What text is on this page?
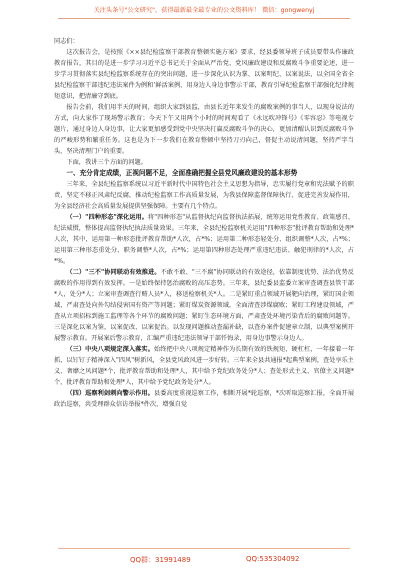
关注头条号"公文研究"，获得最新最全最专业的公文资料库！ 微信：gongwenyj

同志们：

这次报告会，是按照《××县纪检监察干部教育整顿实施方案》要求，经县委领导班子成员要带头作廉政教育报告，其目的是进一步学习习近平总书记关于全面从严治党、党风廉政建设和反腐败斗争重要论述，进一步学习贯彻落实县纪检监察系统存在的突出问题，进一步深化认识为掌、以案明纪、以案说法，以全国全省全县纪检监察干部违纪违法案件为例和‘鲜活案例，用身边人身边事警示干部，教育引导纪检监察干部强化纪律规矩意识，把清廉守到底。

报告会前，我们用半天的时间，组织大家到县监，由县长近年来发生的腐败案例的事当人，以现身说法的方式，向大家作了现场警示教育；今天下午又用两个小时的时间观看了《永远吹冲锋号》《零容忍》等电视专题片，通过身边人身边事，让大家更加感受到党中央坚决打赢反腐败斗争的决心，更加清醒认识到反腐败斗争的严峻形势和繁重任务。这也是为下一步我们在教育整顿中坚持刀刃向己，督促主动说清问题，坚持严字当头，坚决清理门户的重要。

下面，我讲三个方面的问题。

一、充分肯定成绩，正视问题不足，全面准确把握全县党风廉政建设的基本形势

三年来，全县纪检监察系统以习近平新时代中国特色社会主义思想为指导，忠实履行党章和宪法赋予的职责，坚定不移正风肃纪反腐，推动纪检监察工作高质量发展，为我县保障监督保障执行、促进完善发展作用，为全县经济社会高质量发展提供坚强保障。主要有几个特点。

（一）"四种形态"深化运用。将"四种形态"从监督执纪向监督执法拓展，统筹运用党性教育、政策感召、纪法威慑，整体提高监督执纪执法质量效果。三年来，全县纪检监察机关运用"四种形态"批评教育帮助和处理*人次，其中，运用第一种形态批评教育帮助*人次，占*%；运用第二种形态轻处分、组织调整*人次，占*%；运用第三种形态重处分、职务调整*人次，占*%；运用第四种形态处理严重违纪违法、触犯刑律的*人次，占*%。

（二）"三不"协同联动有效推进。不敢不敢、"三不腐"协同联动的有效途径，依靠制度优势、法治优势反腐败的作用得到有效发挥。一是始终保持惩治腐败的高压态势。三年来，县纪委县监委立案审查调查县管干部*人，处分*人；立案审查调查行贿人员*人，移送检察机关*人。二是紧盯重点领域开展靶向治理，紧盯国企领域，严肃查处向外勾结侵害国有资产等问题；紧盯煤炭资源领域，全面清查涉煤腐败；紧盯工程建设领域，严查从立项招标到施工监理等各个环节的腐败问题；紧盯生态环境方面，严肃查处环境污染背后的腐败问题等。三是深化以案为鉴，以案促改、以案促治。以发现问题推动查漏补缺，以查办案件促建章立制，以典型案例开展警示教育。开展案后警示教育，汇编严重违纪违法领导干部忏悔录，用身边事警示身边人。

（三）中央八项规定深入落实。始终把中央八项规定精神作为长期有效的铁规矩、硬杠杠，一年接着一年抓，以钉钉子精神深入"四风"树新风，全县党风政风进一步好转。三年来全县共通报*起典型案例，查处享乐主义、奢靡之风问题*个，批评教育帮助和处理*人，其中给予党纪政务处分*人；查处形式主义、官僚主义问题*个，批评教育帮助和处理*人，其中给予党纪政务处分*人。

（四）巡察利剑刺向警示作用。县委高度重视巡察工作，相断开展*轮巡察，*次听取巡察汇报，全面开展政治巡察，共受理群众信访举报*件次，增强自觉

QQ群：31991489	QQ:535304092
